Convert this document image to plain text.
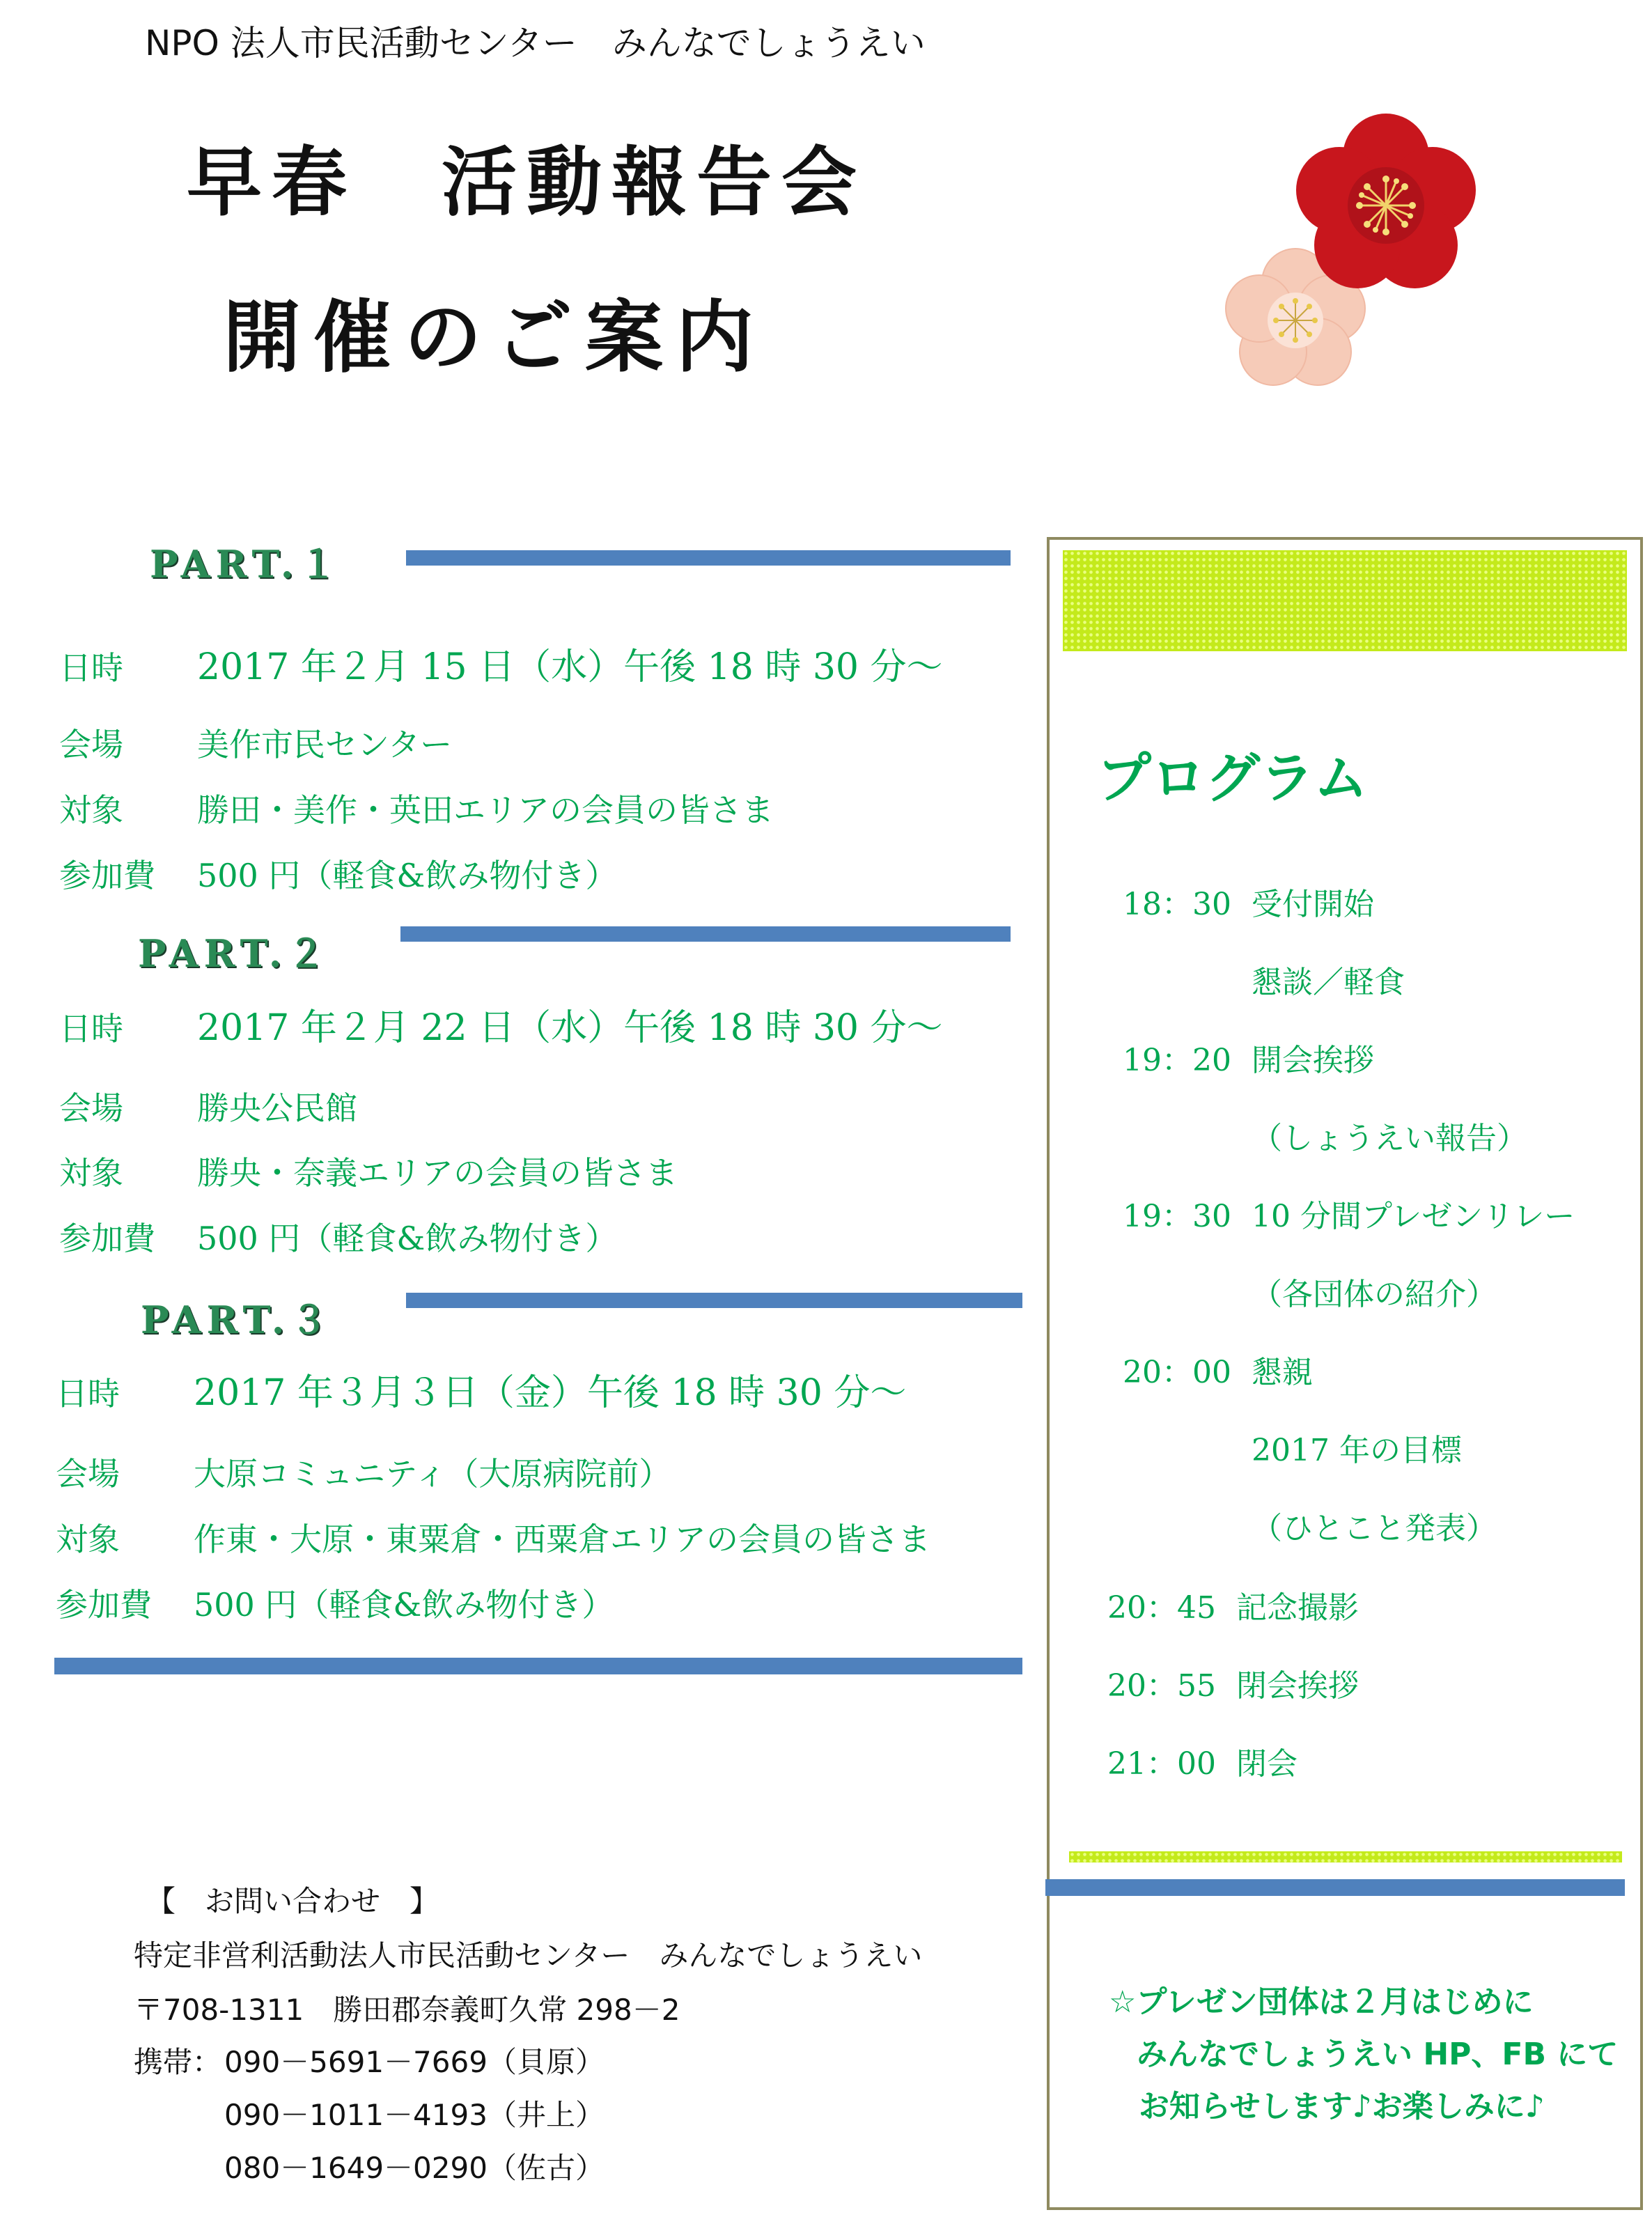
NPO 法人市民活動センター　みんなでしょうえい
早春　活動報告会
開催のご案内
PART.１
日時 2017 年２月 15 日（水）午後 18 時 30 分～
会場 美作市民センター
対象 勝田・美作・英田エリアの会員の皆さま
参加費 500 円（軽食&飲み物付き）
PART.２
日時 2017 年２月 22 日（水）午後 18 時 30 分～
会場 勝央公民館
対象 勝央・奈義エリアの会員の皆さま
参加費 500 円（軽食&飲み物付き）
PART.３
日時 2017 年３月３日（金）午後 18 時 30 分～
会場 大原コミュニティ（大原病院前）
対象 作東・大原・東粟倉・西粟倉エリアの会員の皆さま
参加費 500 円（軽食&飲み物付き）
プログラム
18：30 受付開始
懇談／軽食
19：20 開会挨拶
（しょうえい報告）
19：30 10 分間プレゼンリレー
（各団体の紹介）
20：00 懇親
2017 年の目標
（ひとこと発表）
20：45 記念撮影
20：55 閉会挨拶
21：00 閉会
☆プレゼン団体は２月はじめに
みんなでしょうえい HP、FB にて
お知らせします♪お楽しみに♪
【　お問い合わせ　】
特定非営利活動法人市民活動センター　みんなでしょうえい
〒708-1311　勝田郡奈義町久常 298－2
携帯：090－5691－7669（貝原）
090－1011－4193（井上）
080－1649－0290（佐古）
